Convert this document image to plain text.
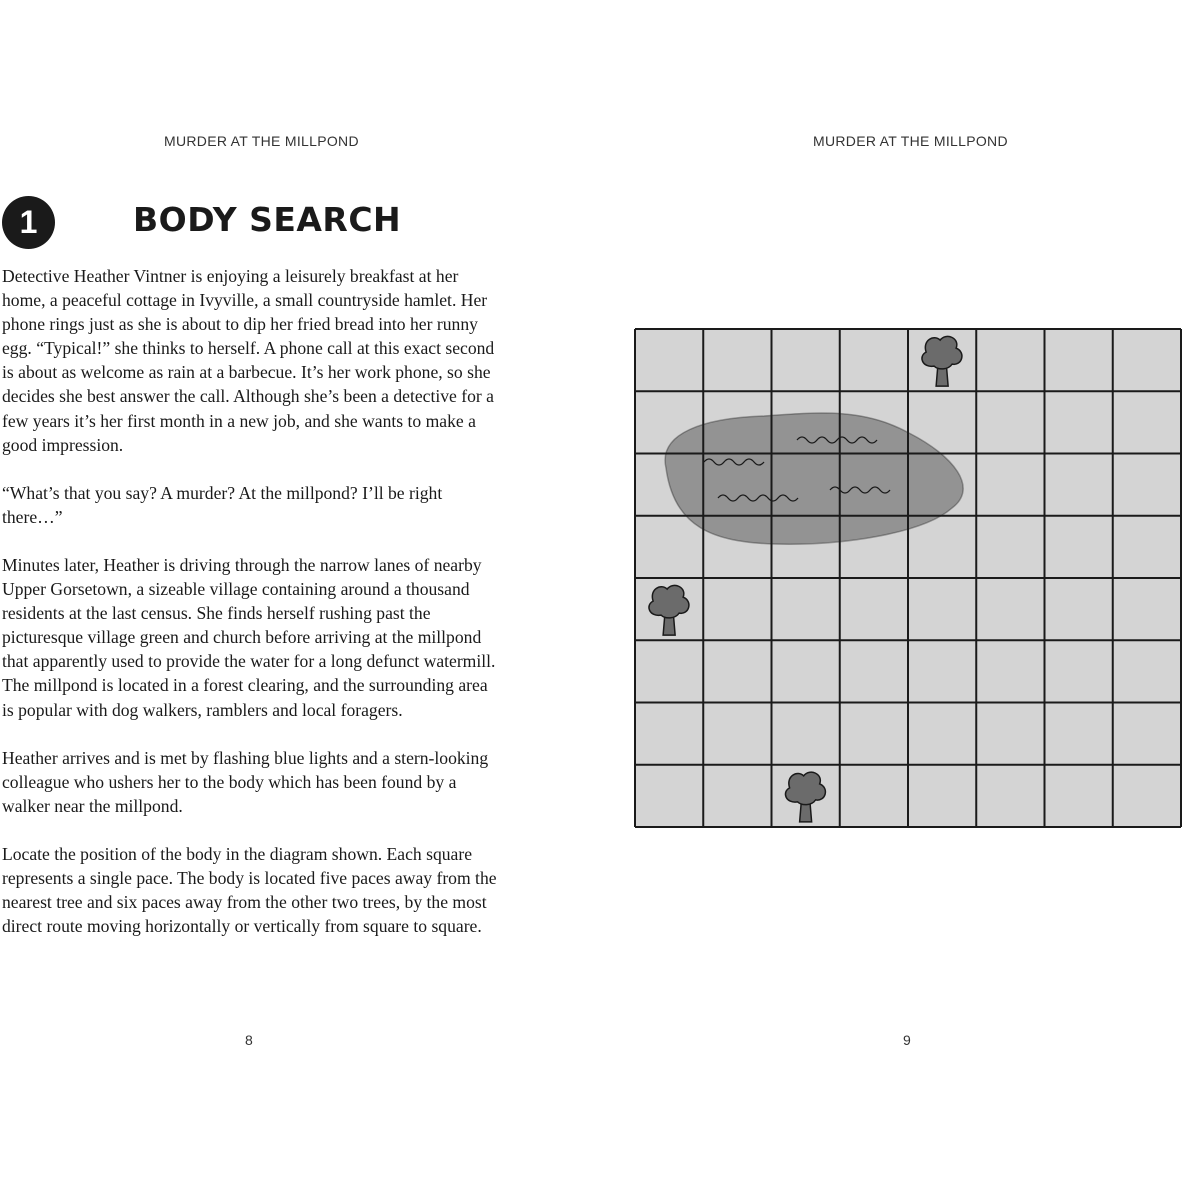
MURDER AT THE MILLPOND
1	BODY SEARCH

Detective Heather Vintner is enjoying a leisurely breakfast at her home, a peaceful cottage in Ivyville, a small countryside hamlet. Her phone rings just as she is about to dip her fried bread into her runny egg. “Typical!” she thinks to herself. A phone call at this exact second is about as welcome as rain at a barbecue. It’s her work phone, so she decides she best answer the call. Although she’s been a detective for a few years it’s her first month in a new job, and she wants to make a good impression.

“What’s that you say? A murder? At the millpond? I’ll be right there…”

Minutes later, Heather is driving through the narrow lanes of nearby Upper Gorsetown, a sizeable village containing around a thousand residents at the last census. She finds herself rushing past the picturesque village green and church before arriving at the millpond that apparently used to provide the water for a long defunct watermill. The millpond is located in a forest clearing, and the surrounding area is popular with dog walkers, ramblers and local foragers.

Heather arrives and is met by flashing blue lights and a stern-looking colleague who ushers her to the body which has been found by a walker near the millpond.

Locate the position of the body in the diagram shown. Each square represents a single pace. The body is located five paces away from the nearest tree and six paces away from the other two trees, by the most direct route moving horizontally or vertically from square to square.

8
MURDER AT THE MILLPOND
9
